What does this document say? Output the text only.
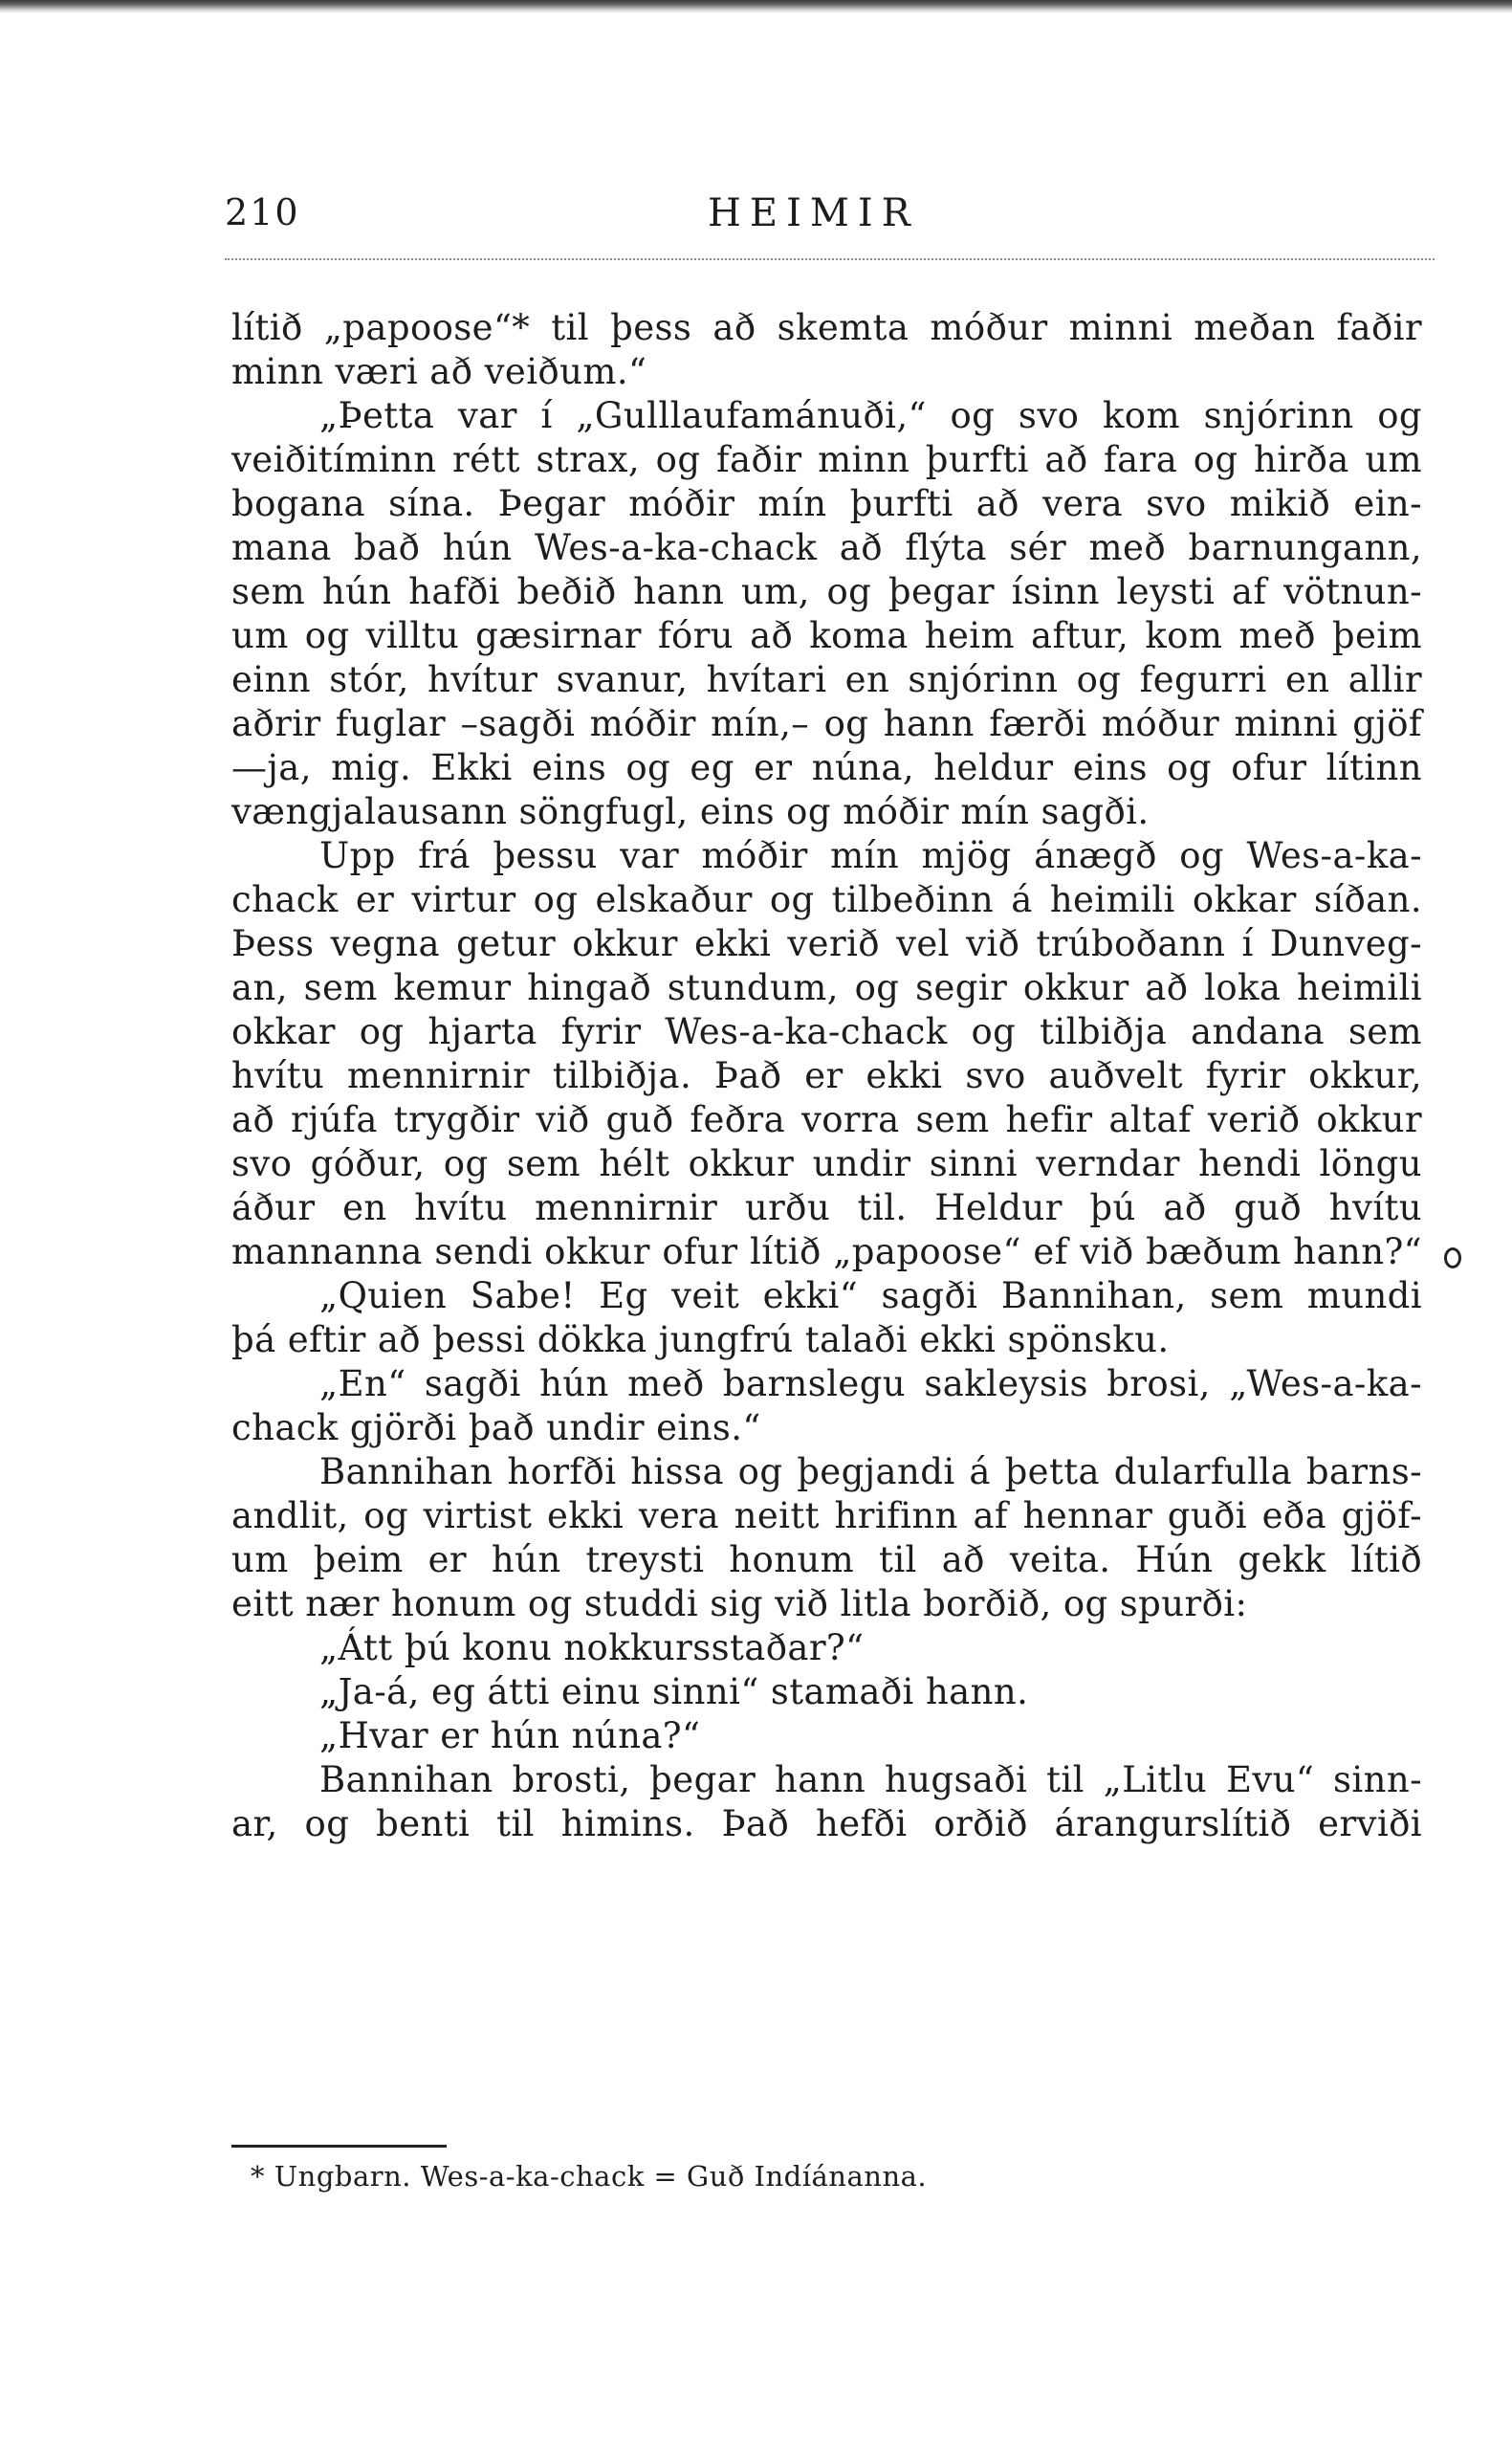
210	HEIMIR
lítið „papoose“* til þess að skemta móður minni meðan faðir
minn væri að veiðum.“
„Þetta var í „Gulllaufamánuði,“ og svo kom snjórinn og
veiðitíminn rétt strax, og faðir minn þurfti að fara og hirða um
bogana sína. Þegar móðir mín þurfti að vera svo mikið ein-
mana bað hún Wes-a-ka-chack að flýta sér með barnungann,
sem hún hafði beðið hann um, og þegar ísinn leysti af vötnun-
um og villtu gæsirnar fóru að koma heim aftur, kom með þeim
einn stór, hvítur svanur, hvítari en snjórinn og fegurri en allir
aðrir fuglar –sagði móðir mín,– og hann færði móður minni gjöf
—ja, mig. Ekki eins og eg er núna, heldur eins og ofur lítinn
vængjalausann söngfugl, eins og móðir mín sagði.
Upp frá þessu var móðir mín mjög ánægð og Wes-a-ka-
chack er virtur og elskaður og tilbeðinn á heimili okkar síðan.
Þess vegna getur okkur ekki verið vel við trúboðann í Dunveg-
an, sem kemur hingað stundum, og segir okkur að loka heimili
okkar og hjarta fyrir Wes-a-ka-chack og tilbiðja andana sem
hvítu mennirnir tilbiðja. Það er ekki svo auðvelt fyrir okkur,
að rjúfa trygðir við guð feðra vorra sem hefir altaf verið okkur
svo góður, og sem hélt okkur undir sinni verndar hendi löngu
áður en hvítu mennirnir urðu til. Heldur þú að guð hvítu
mannanna sendi okkur ofur lítið „papoose“ ef við bæðum hann?“
„Quien Sabe! Eg veit ekki“ sagði Bannihan, sem mundi
þá eftir að þessi dökka jungfrú talaði ekki spönsku.
„En“ sagði hún með barnslegu sakleysis brosi, „Wes-a-ka-
chack gjörði það undir eins.“
Bannihan horfði hissa og þegjandi á þetta dularfulla barns-
andlit, og virtist ekki vera neitt hrifinn af hennar guði eða gjöf-
um þeim er hún treysti honum til að veita. Hún gekk lítið
eitt nær honum og studdi sig við litla borðið, og spurði:
„Átt þú konu nokkursstaðar?“
„Ja-á, eg átti einu sinni“ stamaði hann.
„Hvar er hún núna?“
Bannihan brosti, þegar hann hugsaði til „Litlu Evu“ sinn-
ar, og benti til himins. Það hefði orðið árangurslítið erviði
* Ungbarn. Wes-a-ka-chack = Guð Indíánanna.
